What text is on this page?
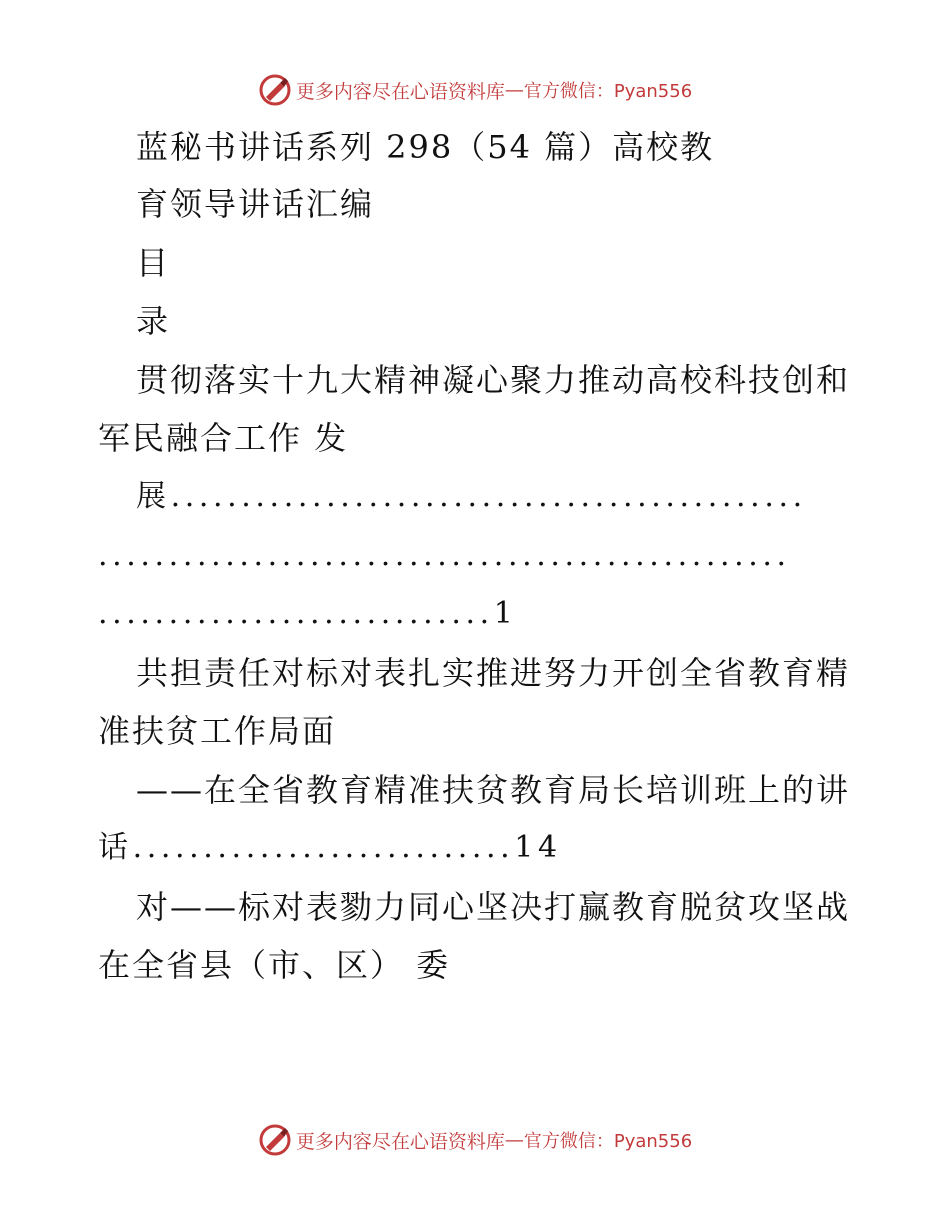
更多内容尽在心语资料库 — 官方微信：Pyan556
蓝秘书讲话系列 298（54 篇）高校教
育领导讲话汇编
目
录
贯彻落实十九大精神凝心聚力推动高校科技创和
军民融合工作 发
展.............................................
.................................................
............................1
共担责任对标对表扎实推进努力开创全省教育精
准扶贫工作局面
——在全省教育精准扶贫教育局长培训班上的讲
话...........................14
对——标对表勠力同心坚决打赢教育脱贫攻坚战
在全省县（市、区） 委
更多内容尽在心语资料库 — 官方微信：Pyan556
